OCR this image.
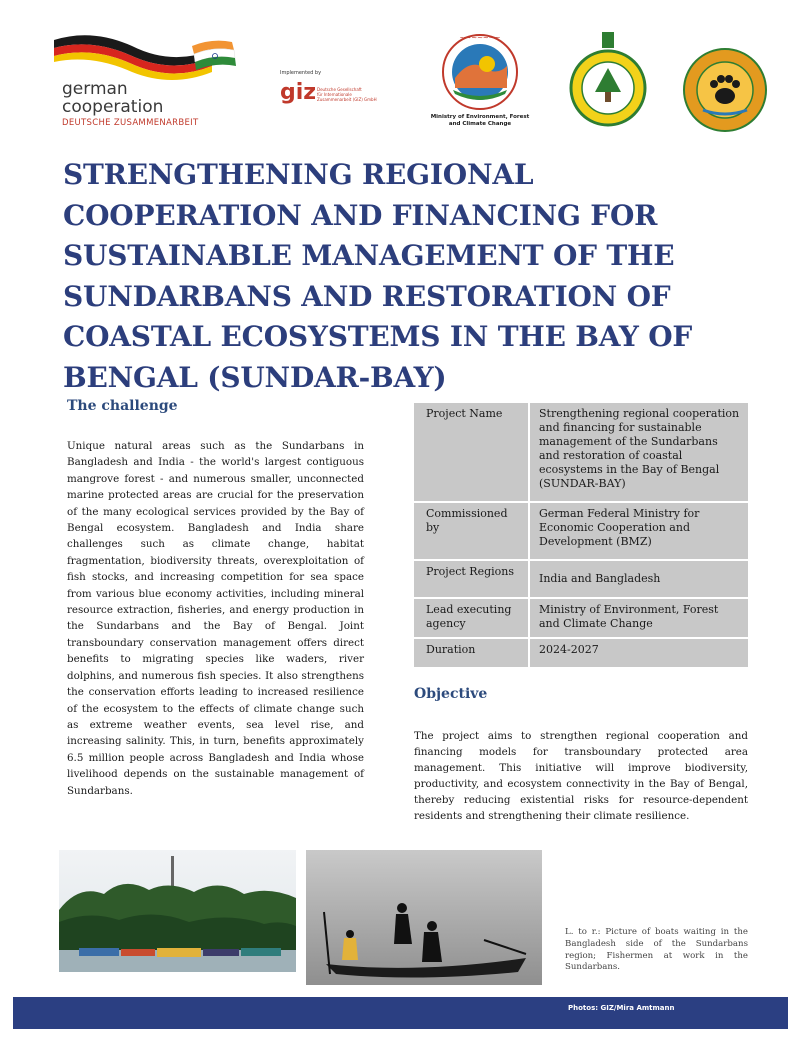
german
cooperation
DEUTSCHE ZUSAMMENARBEIT
Implemented by
giz Deutsche Gesellschaft
für Internationale
Zusammenarbeit (GIZ) GmbH
~~~~~~~
Ministry of Environment, Forest
and Climate Change
STRENGTHENING REGIONAL COOPERATION AND FINANCING FOR SUSTAINABLE MANAGEMENT OF THE SUNDARBANS AND RESTORATION OF COASTAL ECOSYSTEMS IN THE BAY OF BENGAL (SUNDAR-BAY)
The challenge
Unique natural areas such as the Sundarbans in Bangladesh and India - the world's largest contiguous mangrove forest - and numerous smaller, unconnected marine protected areas are crucial for the preservation of the many ecological services provided by the Bay of Bengal ecosystem. Bangladesh and India share challenges such as climate change, habitat fragmentation, biodiversity threats, overexploitation of fish stocks, and increasing competition for sea space from various blue economy activities, including mineral resource extraction, fisheries, and energy production in the Sundarbans and the Bay of Bengal. Joint transboundary conservation management offers direct benefits to migrating species like waders, river dolphins, and numerous fish species. It also strengthens the conservation efforts leading to increased resilience of the ecosystem to the effects of climate change such as extreme weather events, sea level rise, and increasing salinity. This, in turn, benefits approximately 6.5 million people across Bangladesh and India whose livelihood depends on the sustainable management of Sundarbans.
Project Name	Strengthening regional cooperation and financing for sustainable management of the Sundarbans and restoration of coastal ecosystems in the Bay of Bengal (SUNDAR-BAY)
Commissioned by	German Federal Ministry for Economic Cooperation and Development (BMZ)
Project Regions	India and Bangladesh
Lead executing agency	Ministry of Environment, Forest and Climate Change
Duration	2024-2027
Objective
The project aims to strengthen regional cooperation and financing models for transboundary protected area management. This initiative will improve biodiversity, productivity, and ecosystem connectivity in the Bay of Bengal, thereby reducing existential risks for resource-dependent residents and strengthening their climate resilience.
L. to r.: Picture of boats waiting in the Bangladesh side of the Sundarbans region; Fishermen at work in the Sundarbans.
Photos: GIZ/Mira Amtmann
